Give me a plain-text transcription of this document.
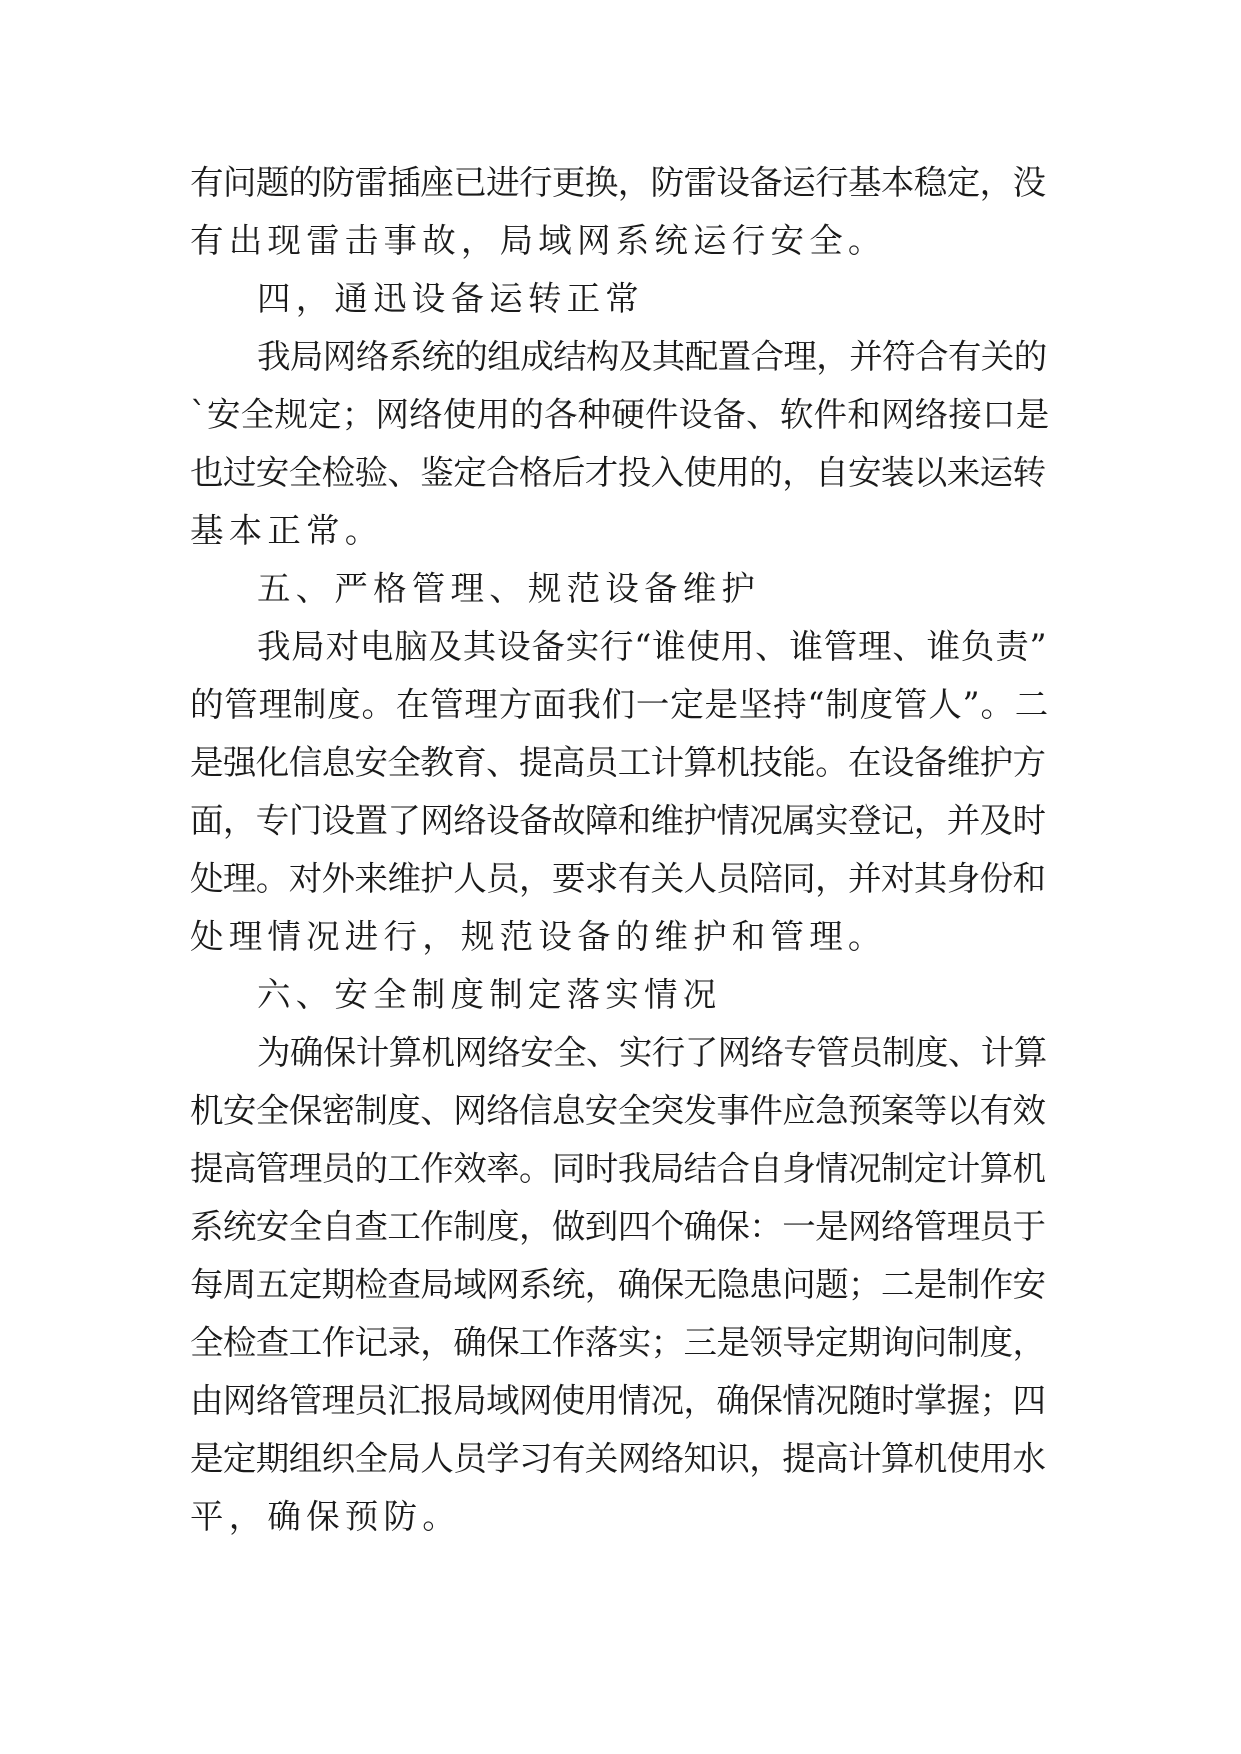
有问题的防雷插座已进行更换，防雷设备运行基本稳定，没
有出现雷击事故，局域网系统运行安全。
四，通迅设备运转正常
我局网络系统的组成结构及其配置合理，并符合有关的
`安全规定；网络使用的各种硬件设备、软件和网络接口是
也过安全检验、鉴定合格后才投入使用的，自安装以来运转
基本正常。
五、严格管理、规范设备维护
我局对电脑及其设备实行“谁使用、谁管理、谁负责”
的管理制度。在管理方面我们一定是坚持“制度管人”。二
是强化信息安全教育、提高员工计算机技能。在设备维护方
面，专门设置了网络设备故障和维护情况属实登记，并及时
处理。对外来维护人员，要求有关人员陪同，并对其身份和
处理情况进行，规范设备的维护和管理。
六、安全制度制定落实情况
为确保计算机网络安全、实行了网络专管员制度、计算
机安全保密制度、网络信息安全突发事件应急预案等以有效
提高管理员的工作效率。同时我局结合自身情况制定计算机
系统安全自查工作制度，做到四个确保：一是网络管理员于
每周五定期检查局域网系统，确保无隐患问题；二是制作安
全检查工作记录，确保工作落实；三是领导定期询问制度，
由网络管理员汇报局域网使用情况，确保情况随时掌握；四
是定期组织全局人员学习有关网络知识，提高计算机使用水
平，确保预防。
